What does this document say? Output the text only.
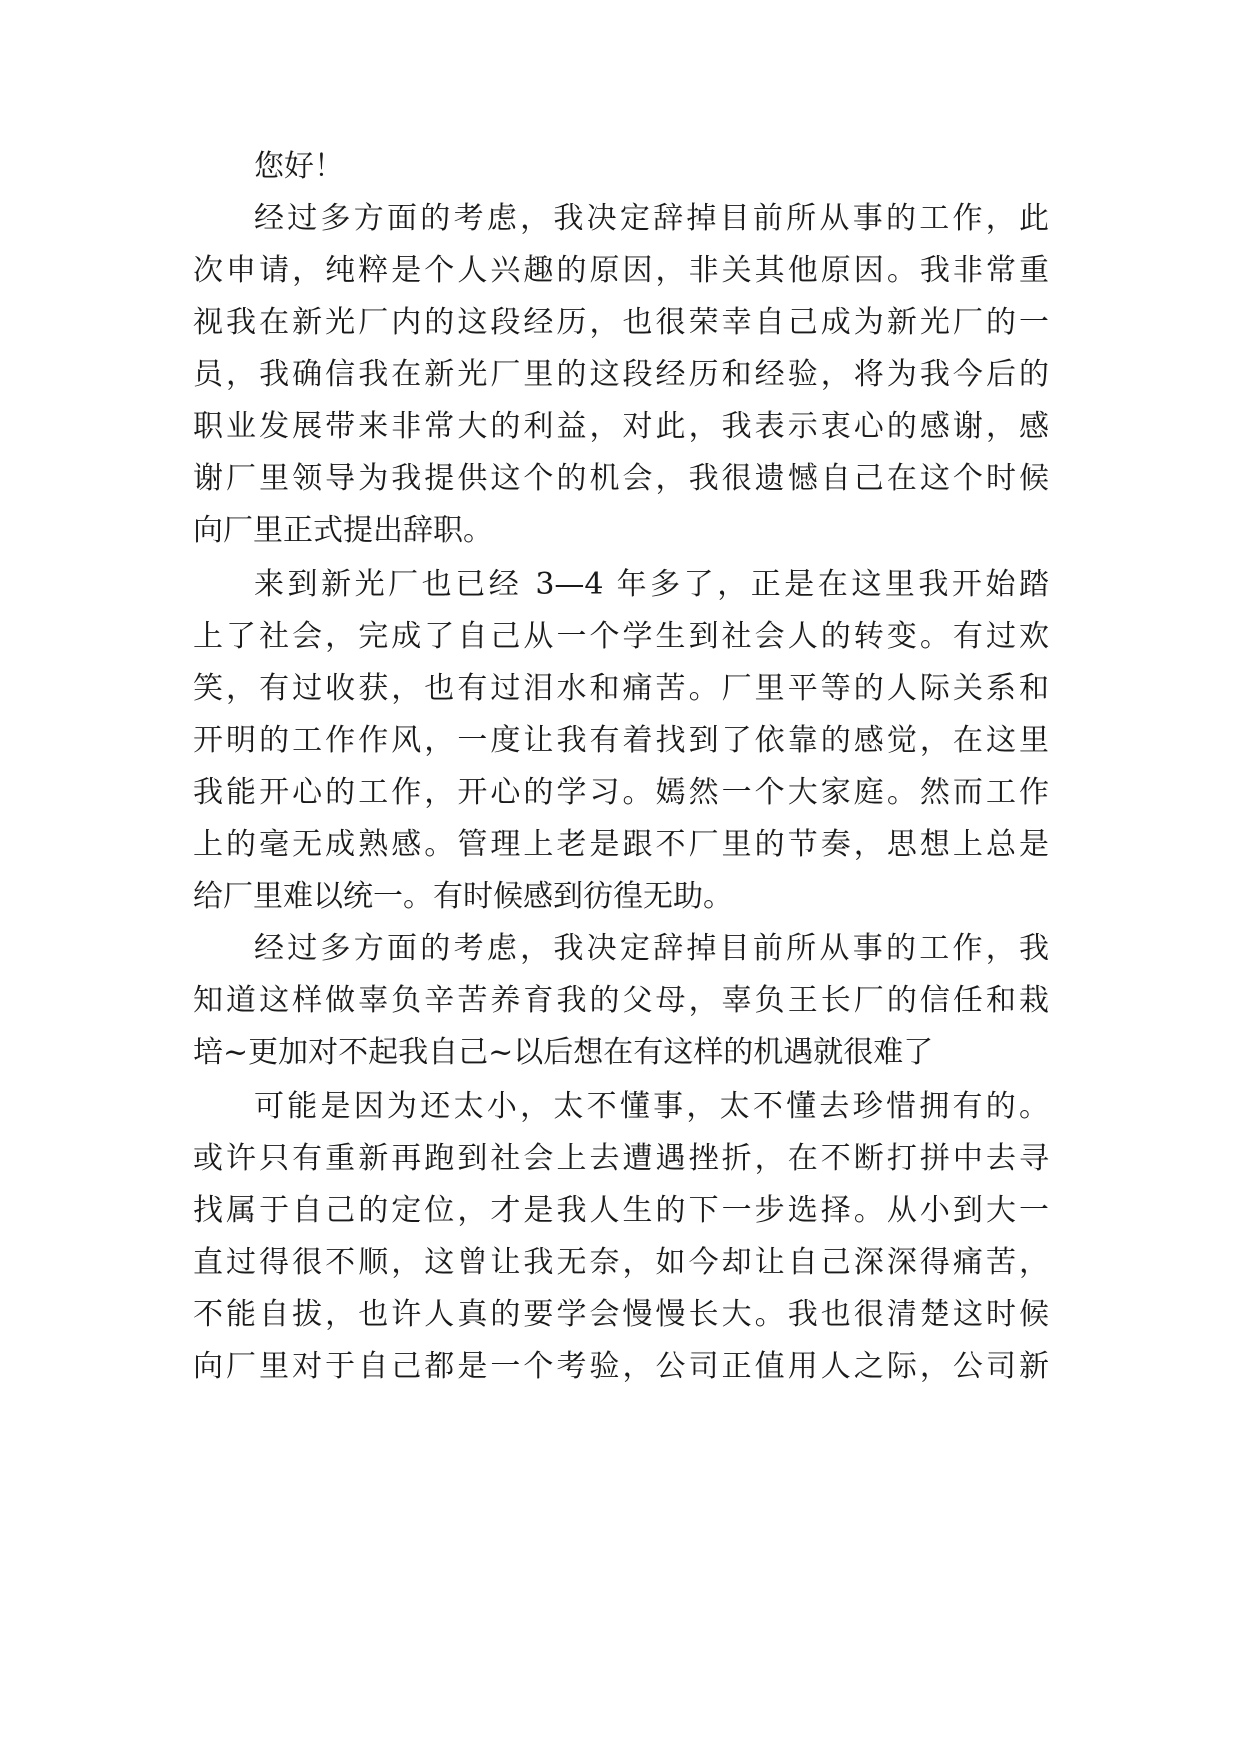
您好！

经过多方面的考虑，我决定辞掉目前所从事的工作，此

次申请，纯粹是个人兴趣的原因，非关其他原因。我非常重

视我在新光厂内的这段经历，也很荣幸自己成为新光厂的一

员，我确信我在新光厂里的这段经历和经验，将为我今后的

职业发展带来非常大的利益，对此，我表示衷心的感谢，感

谢厂里领导为我提供这个的机会，我很遗憾自己在这个时候

向厂里正式提出辞职。

来到新光厂也已经 3—4 年多了，正是在这里我开始踏

上了社会，完成了自己从一个学生到社会人的转变。有过欢

笑，有过收获，也有过泪水和痛苦。厂里平等的人际关系和

开明的工作作风，一度让我有着找到了依靠的感觉，在这里

我能开心的工作，开心的学习。嫣然一个大家庭。然而工作

上的毫无成熟感。管理上老是跟不厂里的节奏，思想上总是

给厂里难以统一。有时候感到彷徨无助。

经过多方面的考虑，我决定辞掉目前所从事的工作，我

知道这样做辜负辛苦养育我的父母，辜负王长厂的信任和栽

培~更加对不起我自己~以后想在有这样的机遇就很难了

可能是因为还太小，太不懂事，太不懂去珍惜拥有的。

或许只有重新再跑到社会上去遭遇挫折，在不断打拼中去寻

找属于自己的定位，才是我人生的下一步选择。从小到大一

直过得很不顺，这曾让我无奈，如今却让自己深深得痛苦，

不能自拔，也许人真的要学会慢慢长大。我也很清楚这时候

向厂里对于自己都是一个考验，公司正值用人之际，公司新
